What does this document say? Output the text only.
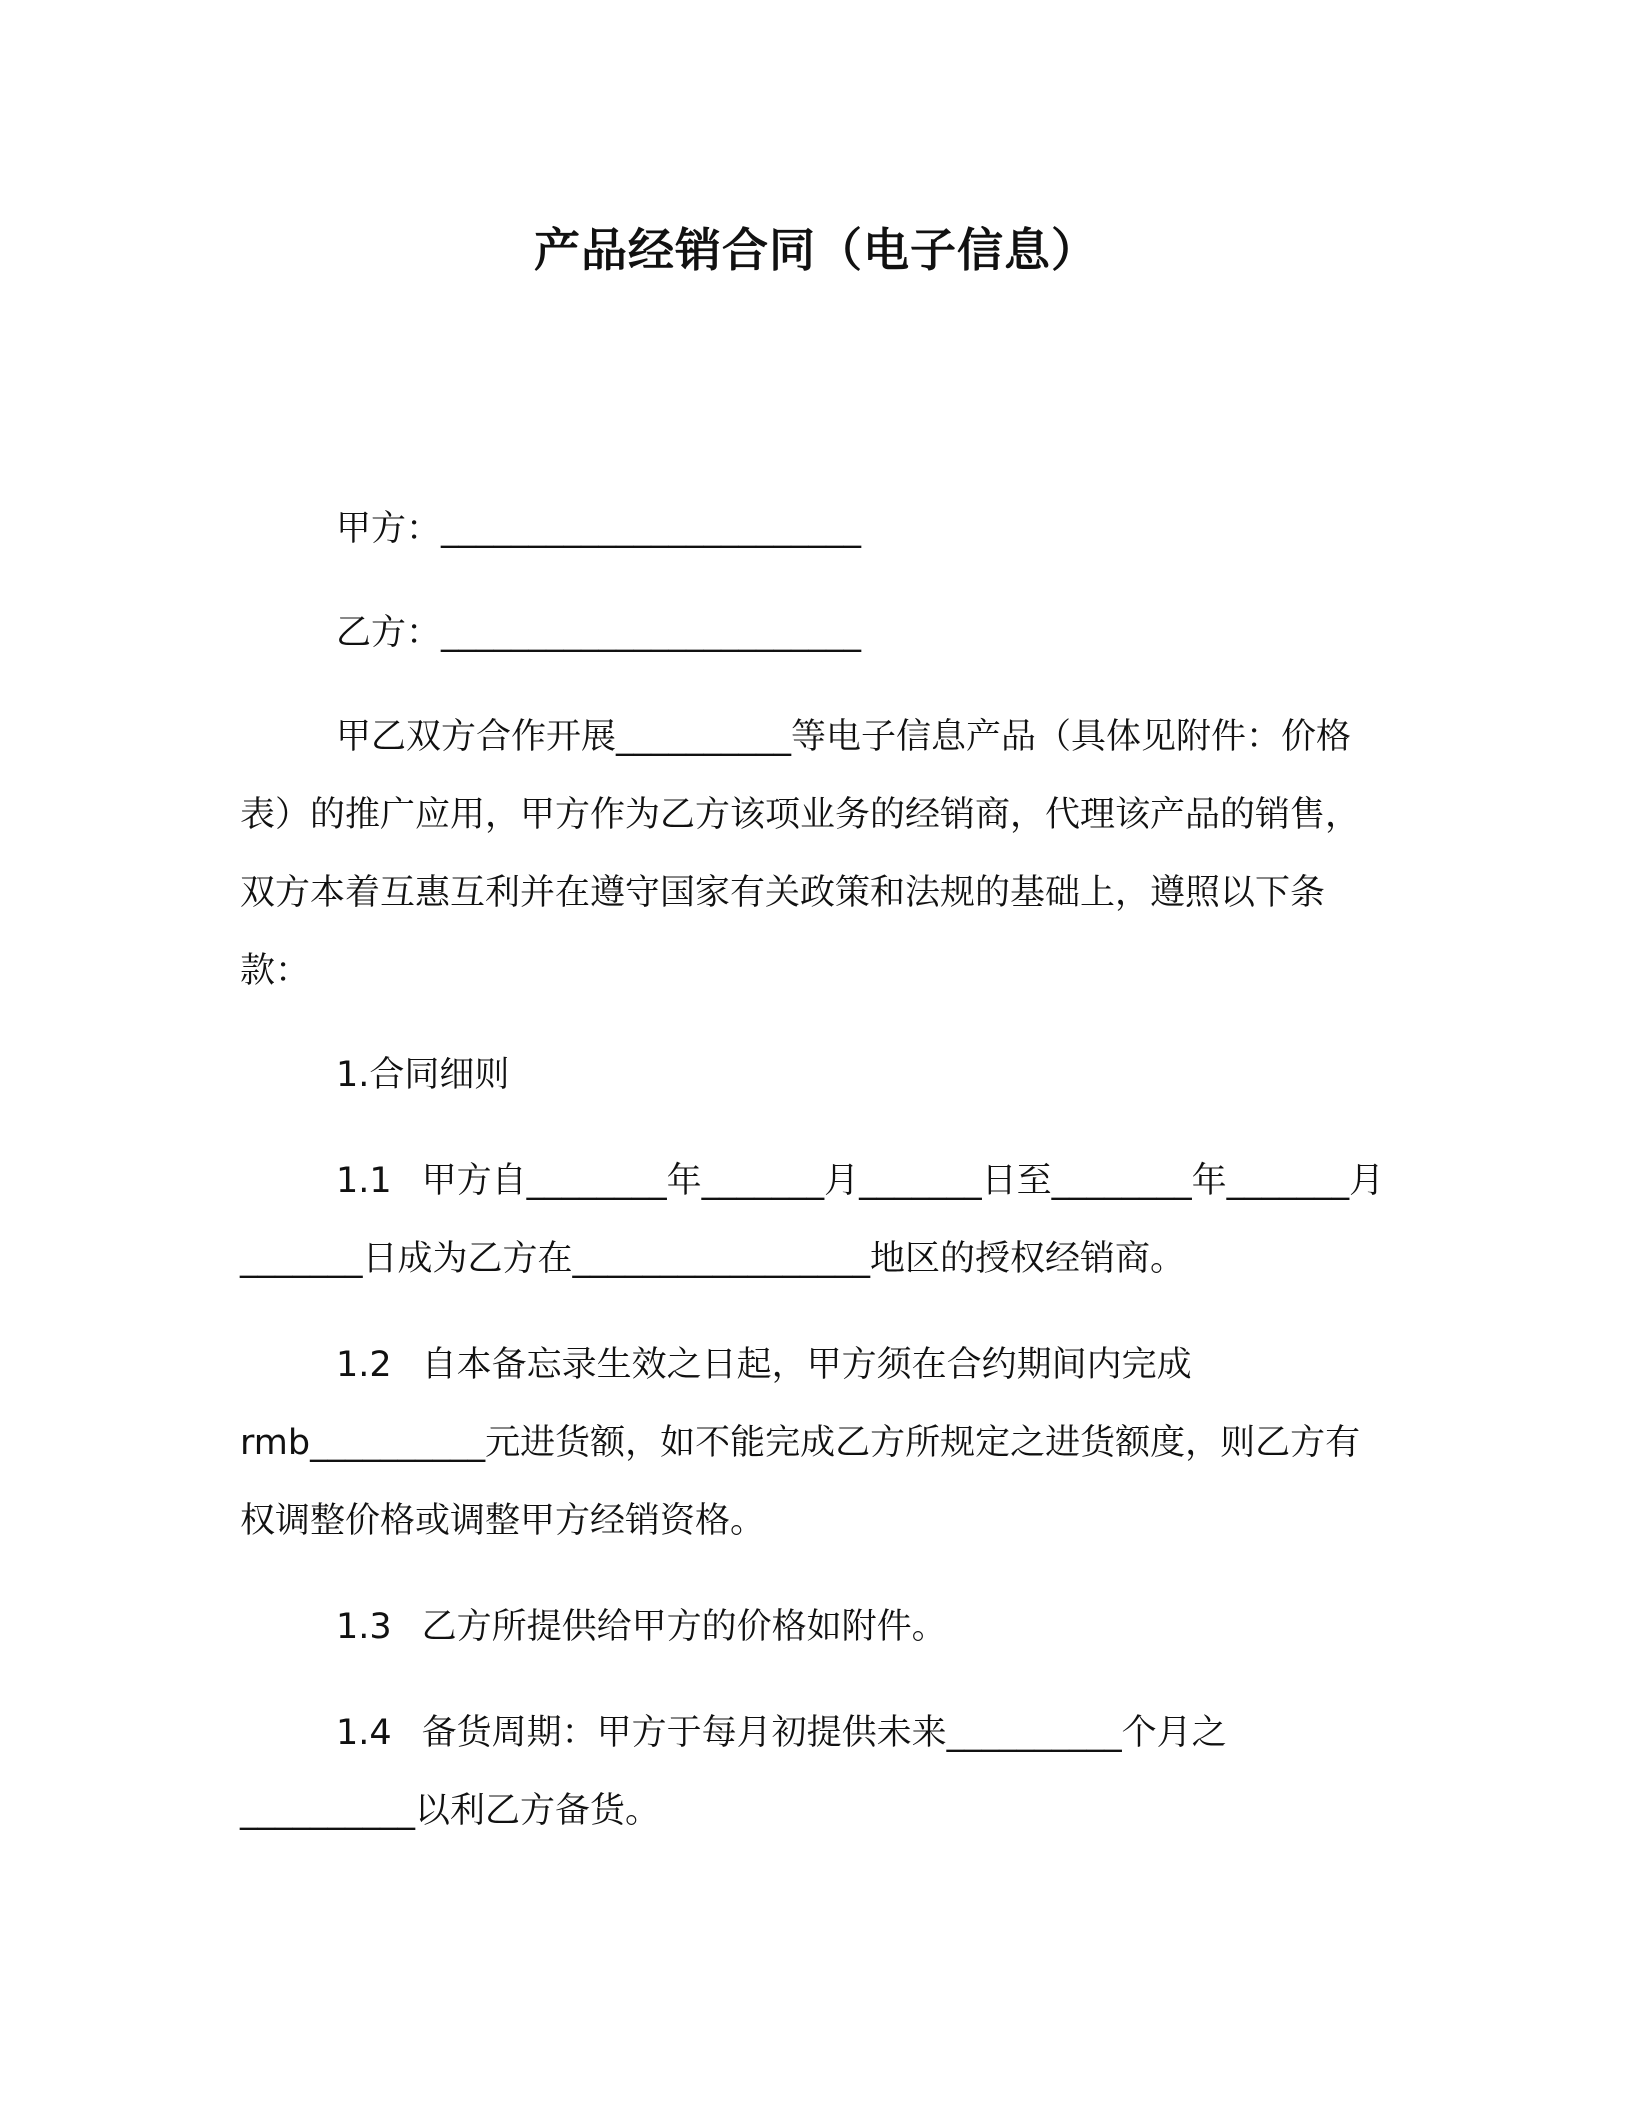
产品经销合同（电子信息）

甲方：________________________

乙方：________________________

甲乙双方合作开展__________等电子信息产品（具体见附件：价格表）的推广应用，甲方作为乙方该项业务的经销商，代理该产品的销售，双方本着互惠互利并在遵守国家有关政策和法规的基础上，遵照以下条款：

1.合同细则

1.1 甲方自________年_______月_______日至________年_______月_______日成为乙方在_________________地区的授权经销商。

1.2 自本备忘录生效之日起，甲方须在合约期间内完成rmb__________元进货额，如不能完成乙方所规定之进货额度，则乙方有权调整价格或调整甲方经销资格。

1.3 乙方所提供给甲方的价格如附件。

1.4 备货周期：甲方于每月初提供未来__________个月之__________以利乙方备货。
